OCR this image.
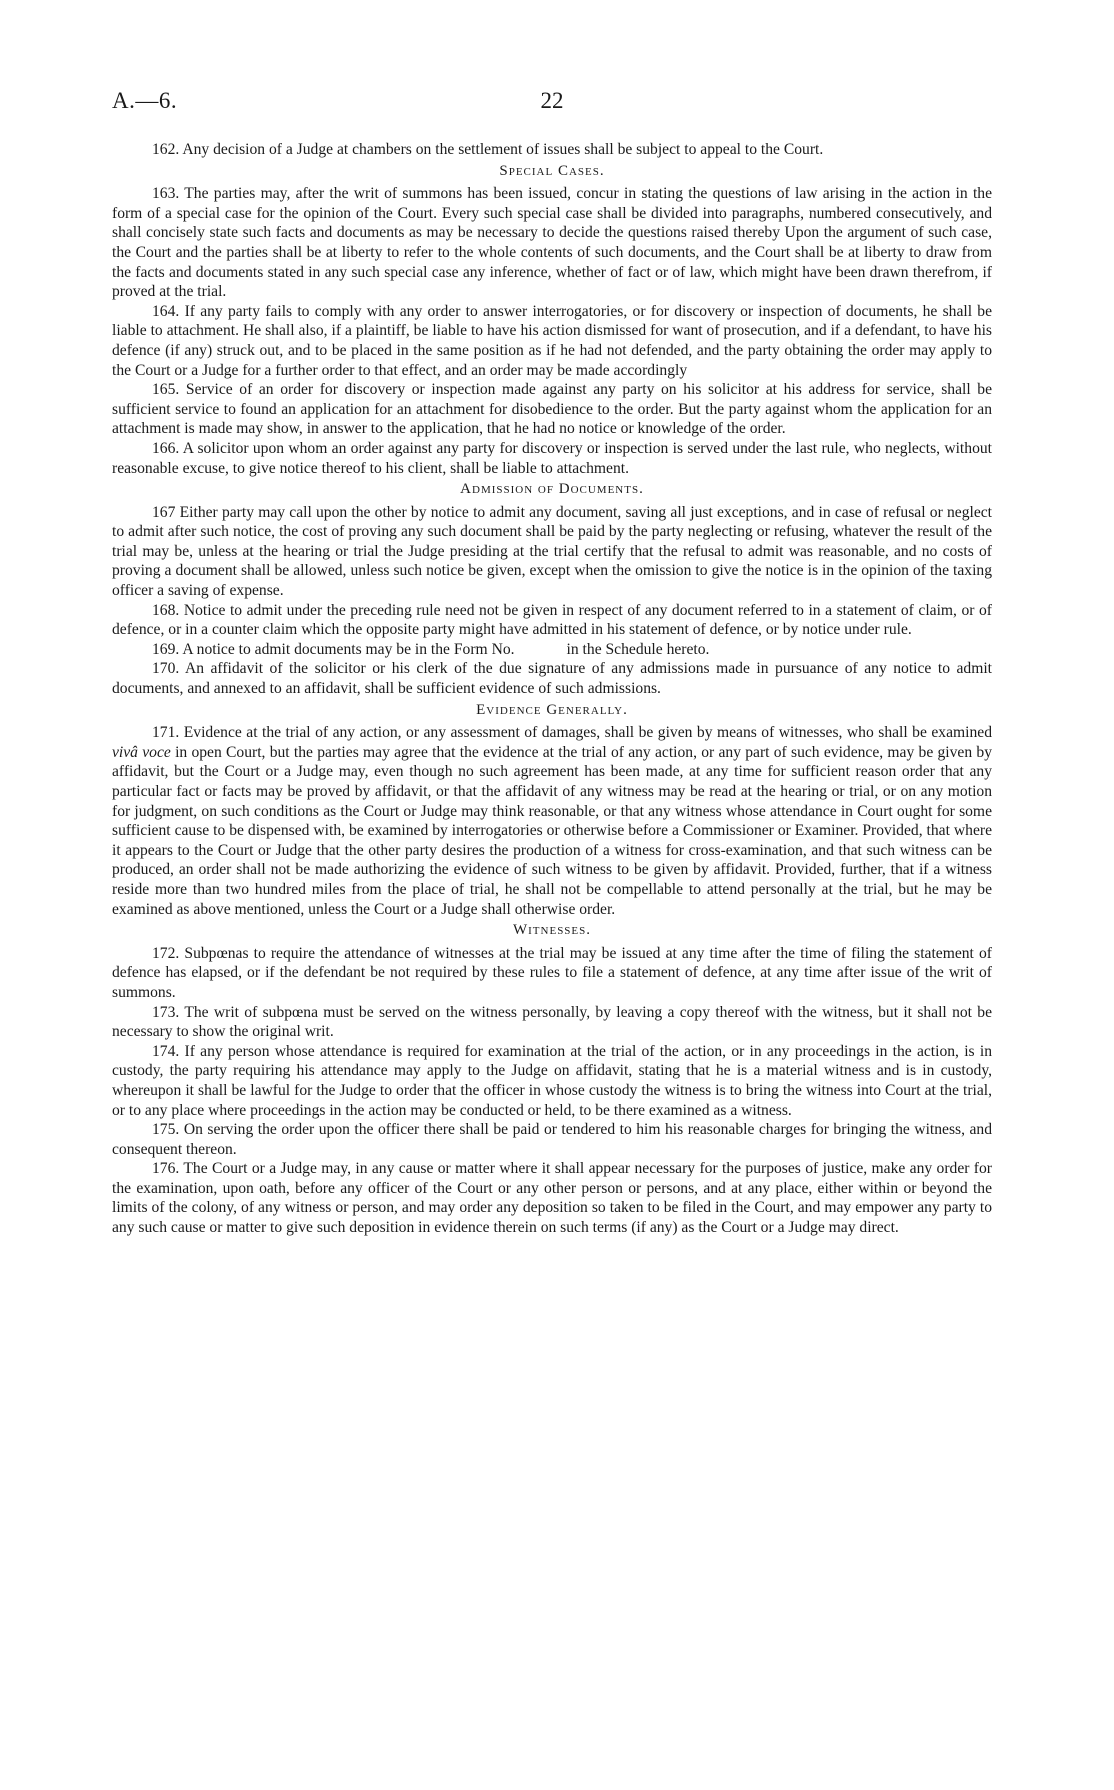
A.—6.	22

162. Any decision of a Judge at chambers on the settlement of issues shall be subject to appeal to the Court.

Special Cases.

163. The parties may, after the writ of summons has been issued, concur in stating the questions of law arising in the action in the form of a special case for the opinion of the Court. Every such special case shall be divided into paragraphs, numbered consecutively, and shall concisely state such facts and documents as may be necessary to decide the questions raised thereby Upon the argument of such case, the Court and the parties shall be at liberty to refer to the whole contents of such documents, and the Court shall be at liberty to draw from the facts and documents stated in any such special case any inference, whether of fact or of law, which might have been drawn therefrom, if proved at the trial.

164. If any party fails to comply with any order to answer interrogatories, or for discovery or inspection of documents, he shall be liable to attachment. He shall also, if a plaintiff, be liable to have his action dismissed for want of prosecution, and if a defendant, to have his defence (if any) struck out, and to be placed in the same position as if he had not defended, and the party obtaining the order may apply to the Court or a Judge for a further order to that effect, and an order may be made accordingly

165. Service of an order for discovery or inspection made against any party on his solicitor at his address for service, shall be sufficient service to found an application for an attachment for disobedience to the order. But the party against whom the application for an attachment is made may show, in answer to the application, that he had no notice or knowledge of the order.

166. A solicitor upon whom an order against any party for discovery or inspection is served under the last rule, who neglects, without reasonable excuse, to give notice thereof to his client, shall be liable to attachment.

Admission of Documents.

167 Either party may call upon the other by notice to admit any document, saving all just exceptions, and in case of refusal or neglect to admit after such notice, the cost of proving any such document shall be paid by the party neglecting or refusing, whatever the result of the trial may be, unless at the hearing or trial the Judge presiding at the trial certify that the refusal to admit was reasonable, and no costs of proving a document shall be allowed, unless such notice be given, except when the omission to give the notice is in the opinion of the taxing officer a saving of expense.

168. Notice to admit under the preceding rule need not be given in respect of any document referred to in a statement of claim, or of defence, or in a counter claim which the opposite party might have admitted in his statement of defence, or by notice under rule.

169. A notice to admit documents may be in the Form No.	in the Schedule hereto.

170. An affidavit of the solicitor or his clerk of the due signature of any admissions made in pursuance of any notice to admit documents, and annexed to an affidavit, shall be sufficient evidence of such admissions.

Evidence Generally.

171. Evidence at the trial of any action, or any assessment of damages, shall be given by means of witnesses, who shall be examined vivâ voce in open Court, but the parties may agree that the evidence at the trial of any action, or any part of such evidence, may be given by affidavit, but the Court or a Judge may, even though no such agreement has been made, at any time for sufficient reason order that any particular fact or facts may be proved by affidavit, or that the affidavit of any witness may be read at the hearing or trial, or on any motion for judgment, on such conditions as the Court or Judge may think reasonable, or that any witness whose attendance in Court ought for some sufficient cause to be dispensed with, be examined by interrogatories or otherwise before a Commissioner or Examiner. Provided, that where it appears to the Court or Judge that the other party desires the production of a witness for cross-examination, and that such witness can be produced, an order shall not be made authorizing the evidence of such witness to be given by affidavit. Provided, further, that if a witness reside more than two hundred miles from the place of trial, he shall not be compellable to attend personally at the trial, but he may be examined as above mentioned, unless the Court or a Judge shall otherwise order.

Witnesses.

172. Subpœnas to require the attendance of witnesses at the trial may be issued at any time after the time of filing the statement of defence has elapsed, or if the defendant be not required by these rules to file a statement of defence, at any time after issue of the writ of summons.

173. The writ of subpœna must be served on the witness personally, by leaving a copy thereof with the witness, but it shall not be necessary to show the original writ.

174. If any person whose attendance is required for examination at the trial of the action, or in any proceedings in the action, is in custody, the party requiring his attendance may apply to the Judge on affidavit, stating that he is a material witness and is in custody, whereupon it shall be lawful for the Judge to order that the officer in whose custody the witness is to bring the witness into Court at the trial, or to any place where proceedings in the action may be conducted or held, to be there examined as a witness.

175. On serving the order upon the officer there shall be paid or tendered to him his reasonable charges for bringing the witness, and consequent thereon.

176. The Court or a Judge may, in any cause or matter where it shall appear necessary for the purposes of justice, make any order for the examination, upon oath, before any officer of the Court or any other person or persons, and at any place, either within or beyond the limits of the colony, of any witness or person, and may order any deposition so taken to be filed in the Court, and may empower any party to any such cause or matter to give such deposition in evidence therein on such terms (if any) as the Court or a Judge may direct.
